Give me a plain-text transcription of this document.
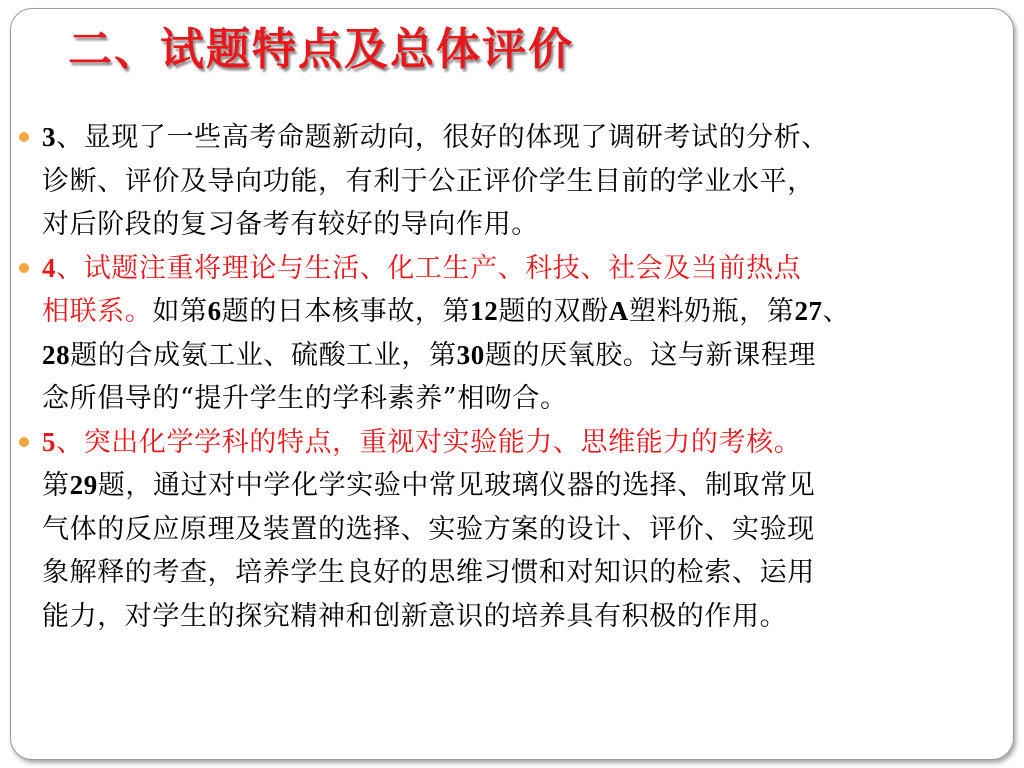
二、试题特点及总体评价
3、显现了一些高考命题新动向，很好的体现了调研考试的分析、
诊断、评价及导向功能，有利于公正评价学生目前的学业水平，
对后阶段的复习备考有较好的导向作用。
4、试题注重将理论与生活、化工生产、科技、社会及当前热点
相联系。如第6题的日本核事故，第12题的双酚A塑料奶瓶，第27、
28题的合成氨工业、硫酸工业，第30题的厌氧胶。这与新课程理
念所倡导的“提升学生的学科素养”相吻合。
5、突出化学学科的特点，重视对实验能力、思维能力的考核。
第29题，通过对中学化学实验中常见玻璃仪器的选择、制取常见
气体的反应原理及装置的选择、实验方案的设计、评价、实验现
象解释的考查，培养学生良好的思维习惯和对知识的检索、运用
能力，对学生的探究精神和创新意识的培养具有积极的作用。
